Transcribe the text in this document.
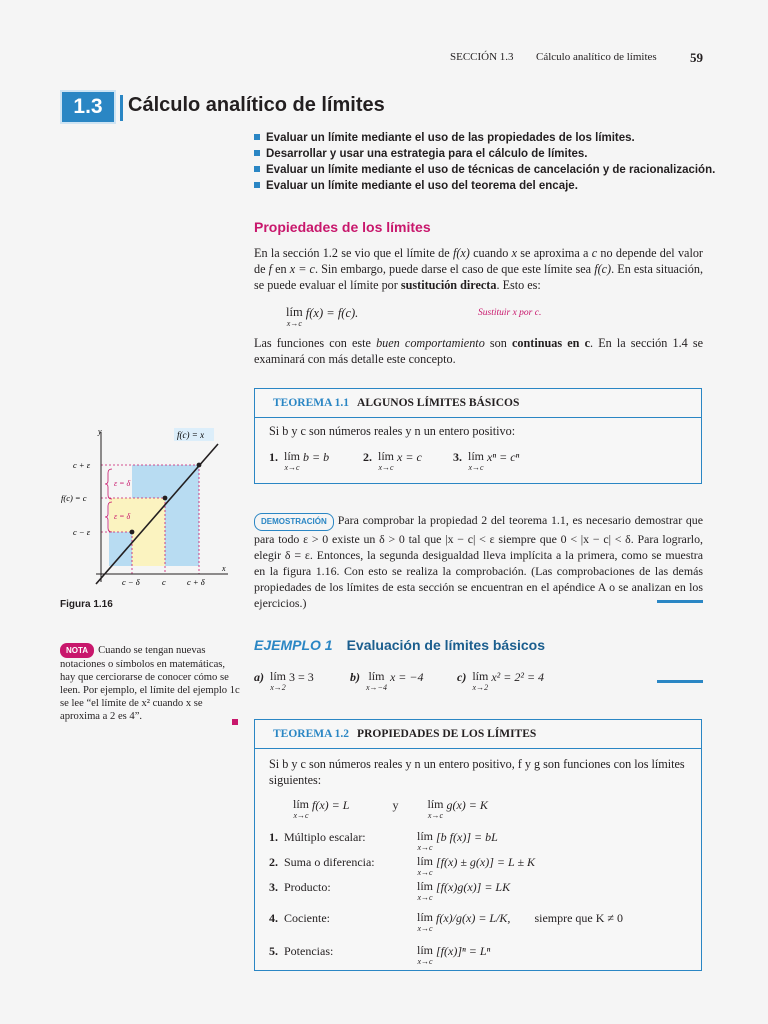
SECCIÓN 1.3 Cálculo analítico de límites	59
1.3	Cálculo analítico de límites
Evaluar un límite mediante el uso de las propiedades de los límites.
Desarrollar y usar una estrategia para el cálculo de límites.
Evaluar un límite mediante el uso de técnicas de cancelación y de racionalización.
Evaluar un límite mediante el uso del teorema del encaje.
Propiedades de los límites
En la sección 1.2 se vio que el límite de f(x) cuando x se aproxima a c no depende del valor de f en x = c. Sin embargo, puede darse el caso de que este límite sea f(c). En esta situación, se puede evaluar el límite por sustitución directa. Esto es:
lím
x→c
f(x) = f(c).	Sustituir x por c.
Las funciones con este buen comportamiento son continuas en c. En la sección 1.4 se examinará con más detalle este concepto.
TEOREMA 1.1 ALGUNOS LÍMITES BÁSICOS
Si b y c son números reales y n un entero positivo:
1. lím
x→c
b = b	2. lím
x→c
x = c	3. lím
x→c
xⁿ = cⁿ
f(c) = x
y
x
c + ε
f(c) = c
c − ε
c − δ	c c + δ
ε = δ
ε = δ
Figura 1.16
DEMOSTRACIÓN Para comprobar la propiedad 2 del teorema 1.1, es necesario demostrar que para todo ε > 0 existe un δ > 0 tal que |x − c| < ε siempre que 0 < |x − c| < δ. Para lograrlo, elegir δ = ε. Entonces, la segunda desigualdad lleva implícita a la primera, como se muestra en la figura 1.16. Con esto se realiza la comprobación. (Las comprobaciones de las demás propiedades de los límites de esta sección se encuentran en el apéndice A o se analizan en los ejercicios.)
NOTA Cuando se tengan nuevas notaciones o símbolos en matemáticas, hay que cerciorarse de conocer cómo se leen. Por ejemplo, el límite del ejemplo 1c se lee “el límite de x² cuando x se aproxima a 2 es 4”.
EJEMPLO 1 Evaluación de límites básicos
a) lím
x→2
3 = 3	b) lím
x→−4
x = −4	c) lím
x→2
x² = 2² = 4
TEOREMA 1.2 PROPIEDADES DE LOS LÍMITES
Si b y c son números reales y n un entero positivo, f y g son funciones con los límites siguientes:
lím
x→c
f(x) = L	y lím
x→c
g(x) = K
1. Múltiplo escalar:	lím
x→c
[b f(x)] = bL
2. Suma o diferencia:	lím
x→c
[f(x) ± g(x)] = L ± K
3. Producto:	lím
x→c
[f(x)g(x)] = LK
4. Cociente:	lím
x→c
f(x)/g(x) = L/K, siempre que K ≠ 0
5. Potencias:	lím
x→c
[f(x)]ⁿ = Lⁿ
